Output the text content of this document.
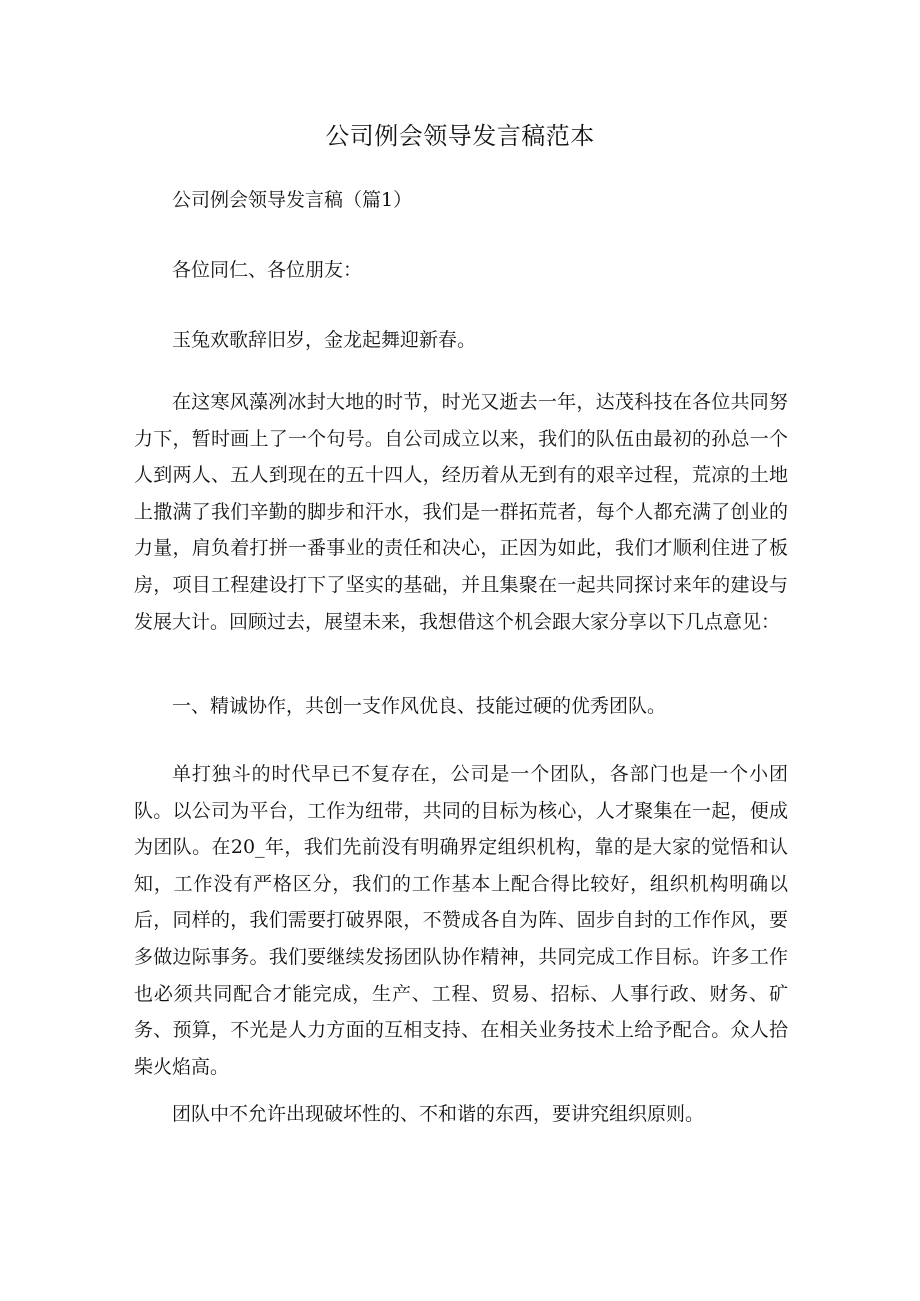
公司例会领导发言稿范本

公司例会领导发言稿（篇1）

各位同仁、各位朋友：

玉兔欢歌辞旧岁，金龙起舞迎新春。

在这寒风藻冽冰封大地的时节，时光又逝去一年，达茂科技在各位共同努力下，暂时画上了一个句号。自公司成立以来，我们的队伍由最初的孙总一个人到两人、五人到现在的五十四人，经历着从无到有的艰辛过程，荒凉的土地上撒满了我们辛勤的脚步和汗水，我们是一群拓荒者，每个人都充满了创业的力量，肩负着打拼一番事业的责任和决心，正因为如此，我们才顺利住进了板房，项目工程建设打下了坚实的基础，并且集聚在一起共同探讨来年的建设与发展大计。回顾过去，展望未来，我想借这个机会跟大家分享以下几点意见：

一、精诚协作，共创一支作风优良、技能过硬的优秀团队。

单打独斗的时代早已不复存在，公司是一个团队，各部门也是一个小团队。以公司为平台，工作为纽带，共同的目标为核心，人才聚集在一起，便成为团队。在20_年，我们先前没有明确界定组织机构，靠的是大家的觉悟和认知，工作没有严格区分，我们的工作基本上配合得比较好，组织机构明确以后，同样的，我们需要打破界限，不赞成各自为阵、固步自封的工作作风，要多做边际事务。我们要继续发扬团队协作精神，共同完成工作目标。许多工作也必须共同配合才能完成，生产、工程、贸易、招标、人事行政、财务、矿务、预算，不光是人力方面的互相支持、在相关业务技术上给予配合。众人拾柴火焰高。

团队中不允许出现破坏性的、不和谐的东西，要讲究组织原则。
